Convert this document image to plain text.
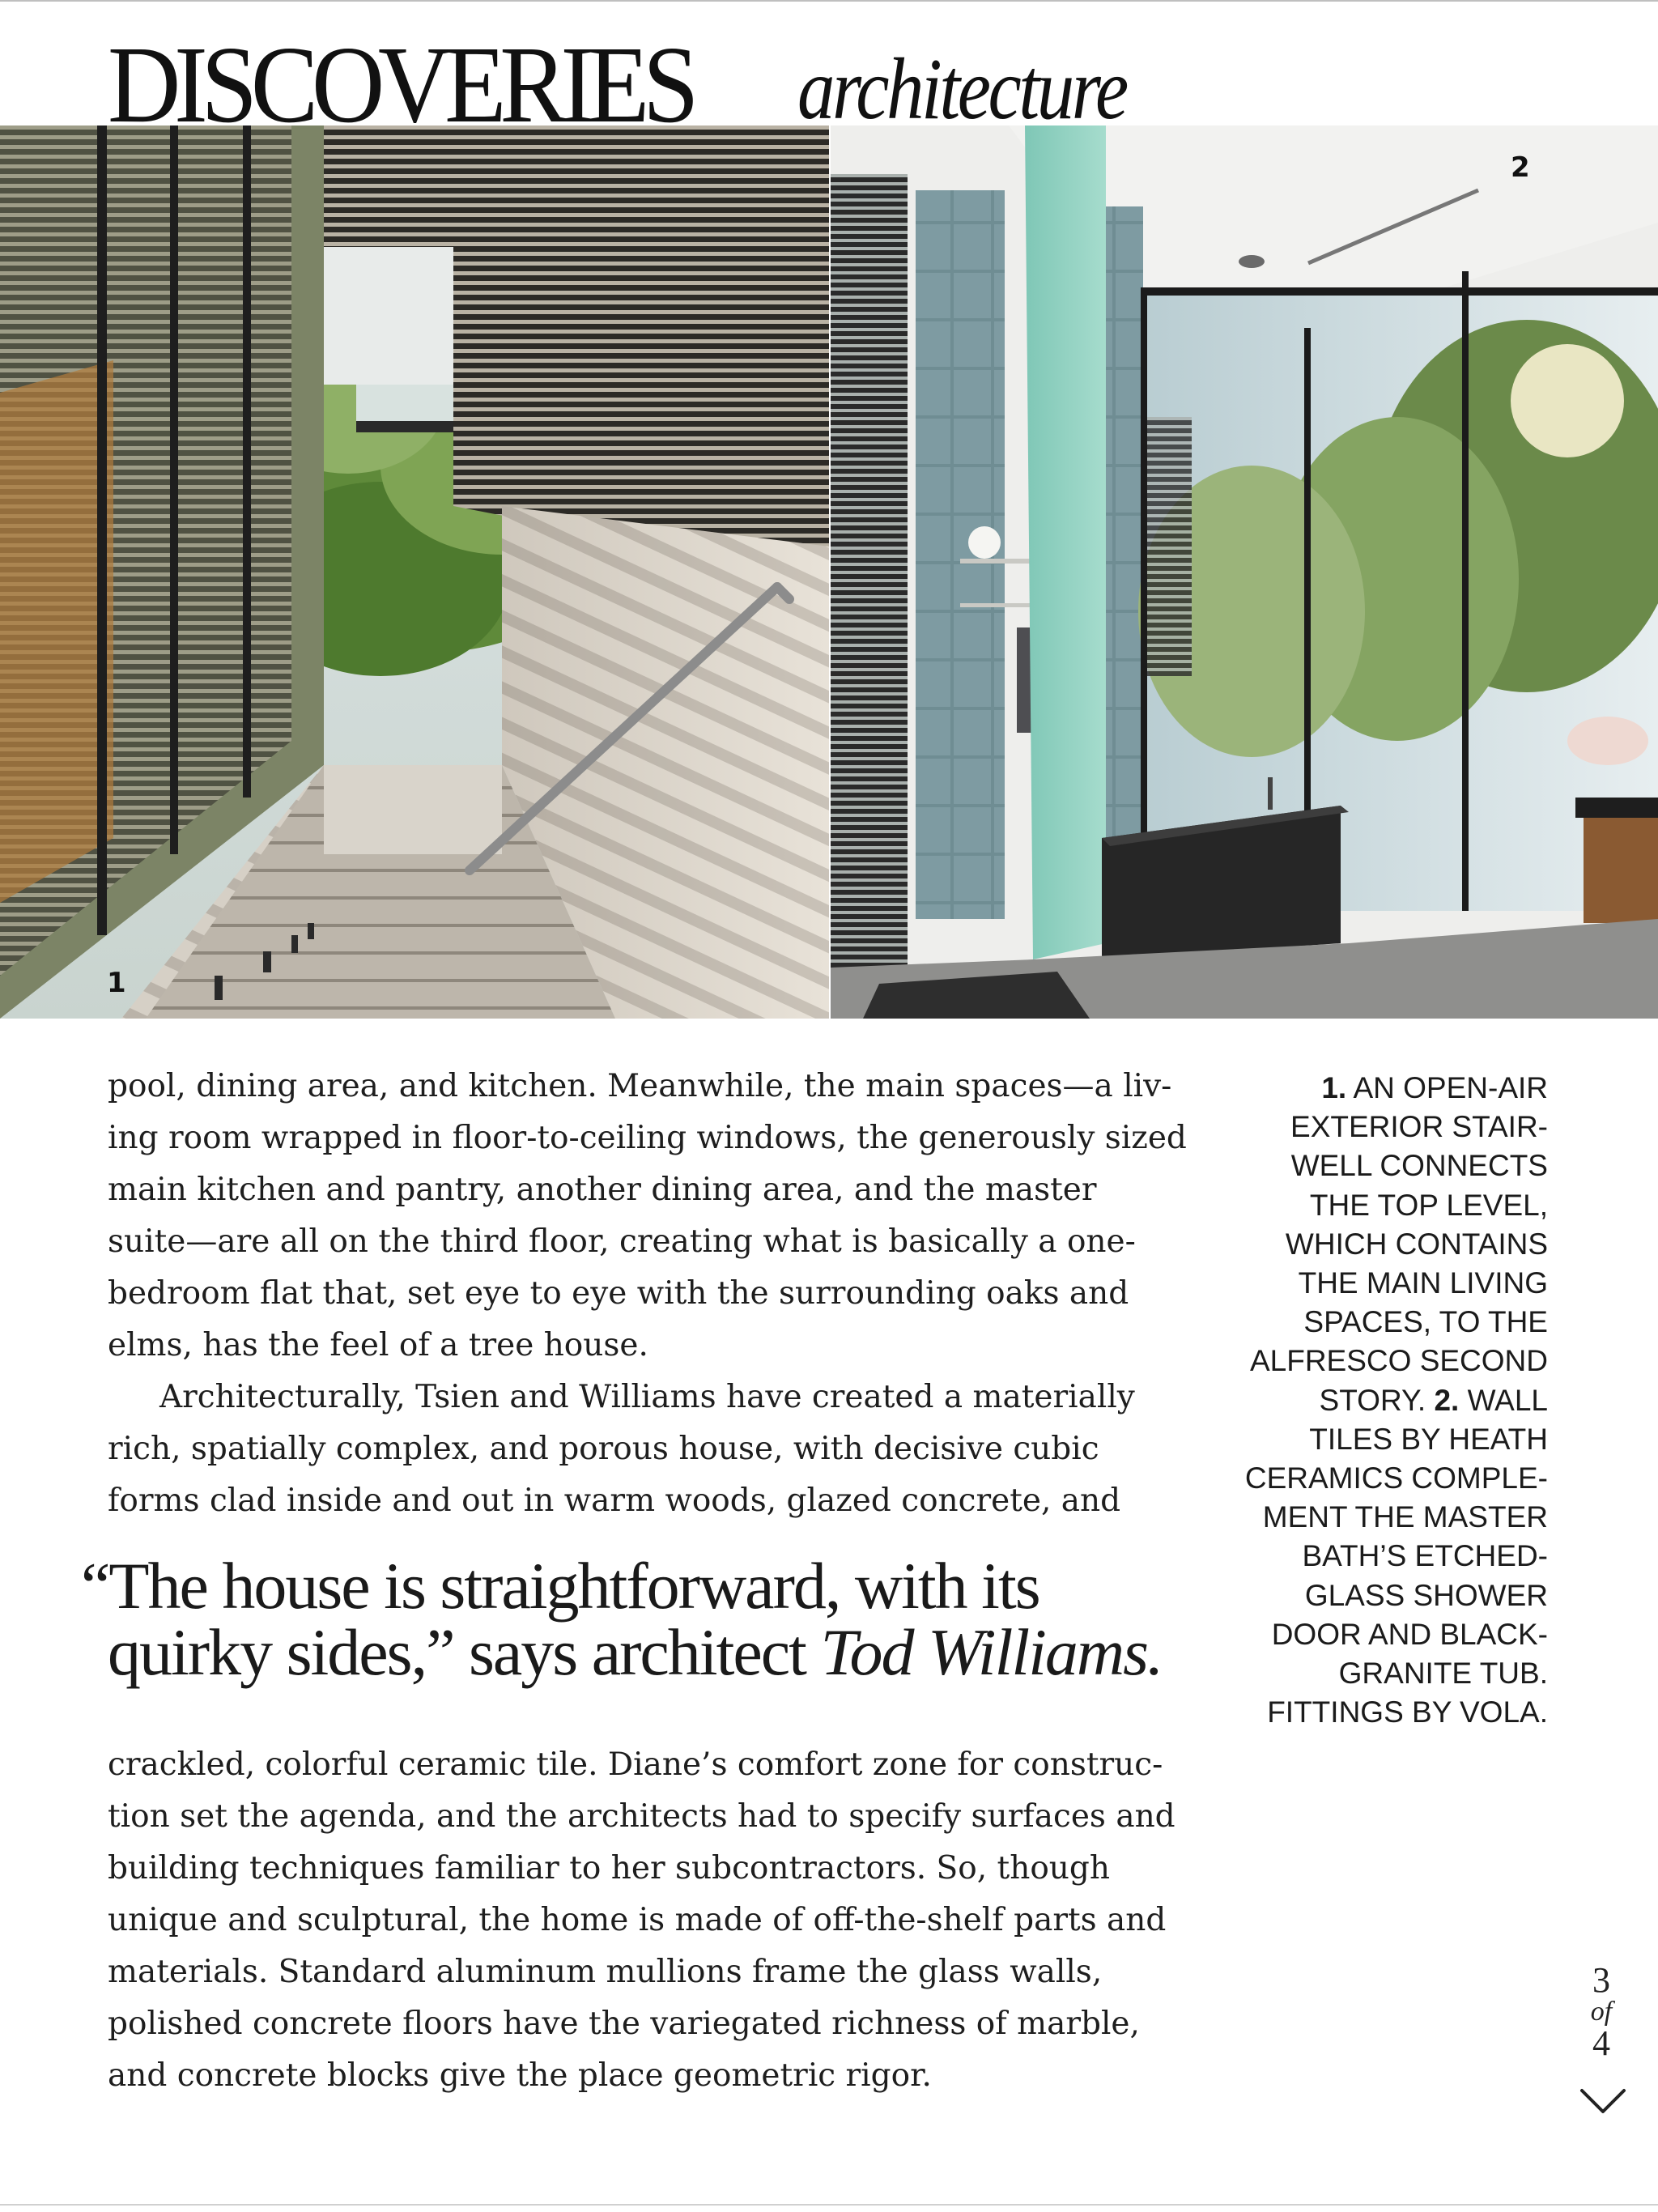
1
2
DISCOVERIES architecture

pool, dining area, and kitchen. Meanwhile, the main spaces—a liv-

ing room wrapped in floor-to-ceiling windows, the generously sized

main kitchen and pantry, another dining area, and the master

suite—are all on the third floor, creating what is basically a one-

bedroom flat that, set eye to eye with the surrounding oaks and

elms, has the feel of a tree house.

Architecturally, Tsien and Williams have created a materially

rich, spatially complex, and porous house, with decisive cubic

forms clad inside and out in warm woods, glazed concrete, and

“The house is straightforward, with its

quirky sides,” says architect Tod Williams.

crackled, colorful ceramic tile. Diane’s comfort zone for construc-

tion set the agenda, and the architects had to specify surfaces and

building techniques familiar to her subcontractors. So, though

unique and sculptural, the home is made of off-the-shelf parts and

materials. Standard aluminum mullions frame the glass walls,

polished concrete floors have the variegated richness of marble,

and concrete blocks give the place geometric rigor.

1. AN OPEN-AIR

EXTERIOR STAIR-

WELL CONNECTS

THE TOP LEVEL,

WHICH CONTAINS

THE MAIN LIVING

SPACES, TO THE

ALFRESCO SECOND

STORY. 2. WALL

TILES BY HEATH

CERAMICS COMPLE-

MENT THE MASTER

BATH’S ETCHED-

GLASS SHOWER

DOOR AND BLACK-

GRANITE TUB.

FITTINGS BY VOLA.

3
of
4
